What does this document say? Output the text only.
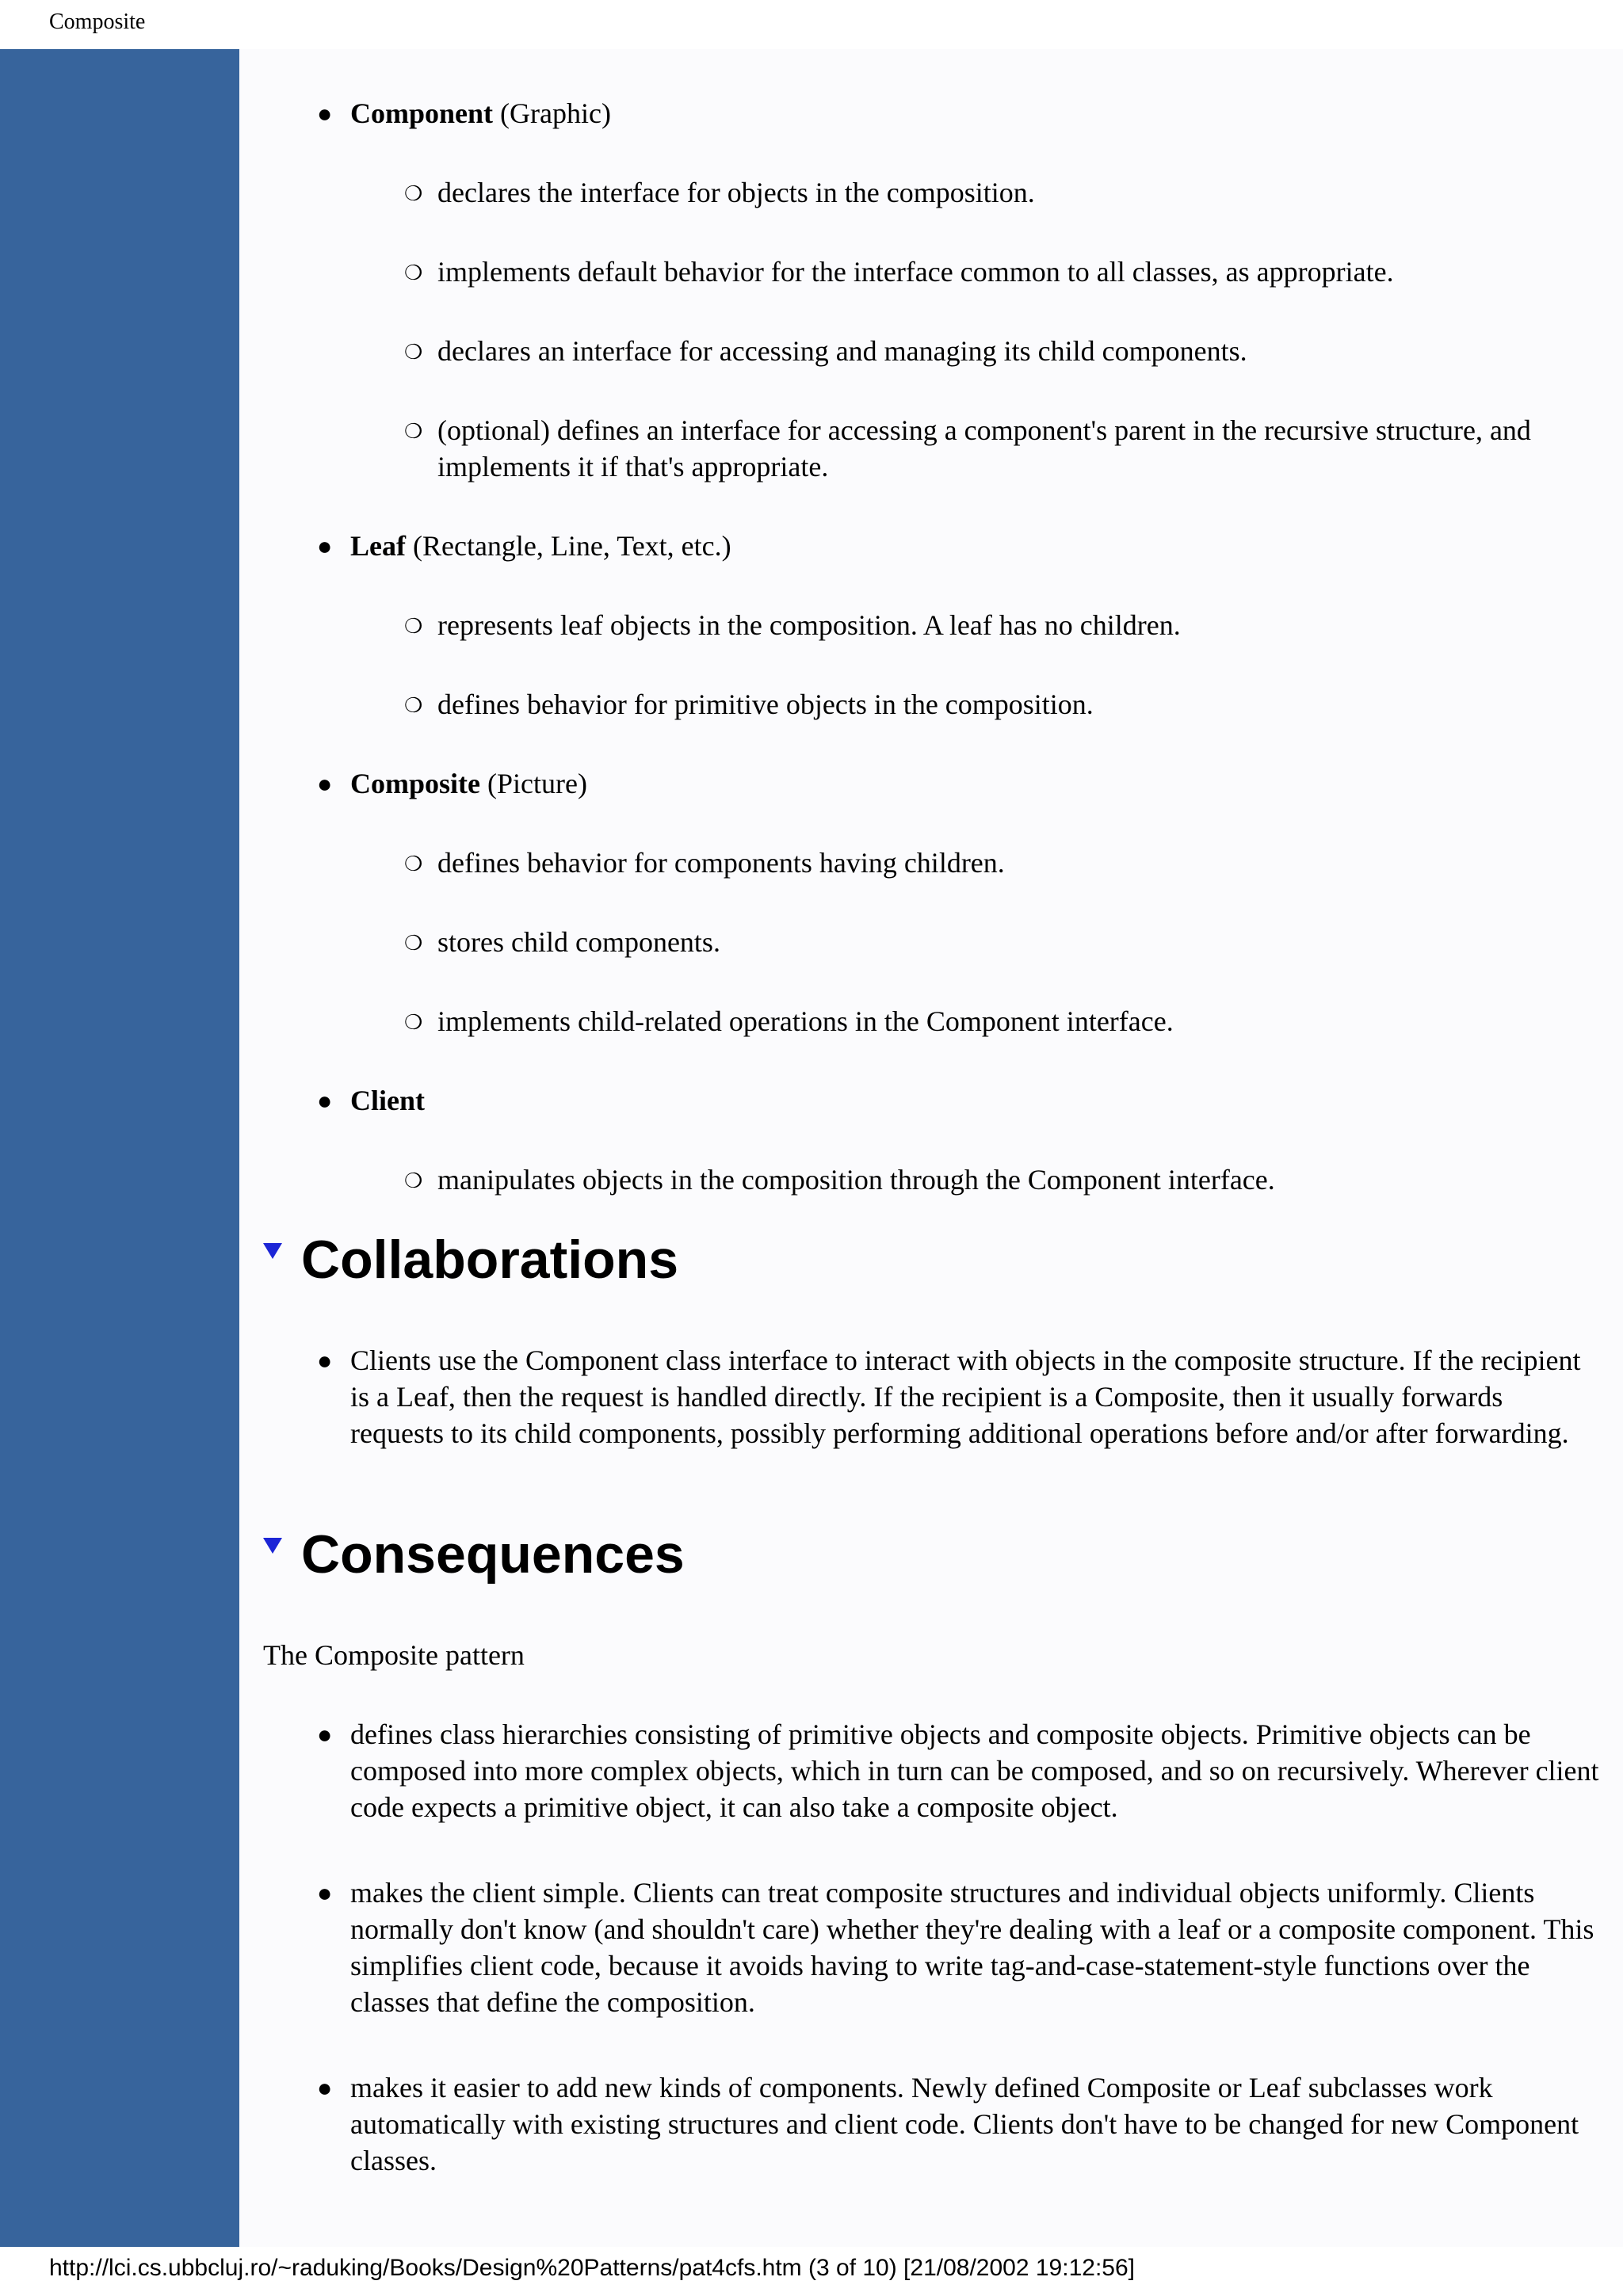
Composite
● Component (Graphic)
❍ declares the interface for objects in the composition.
❍ implements default behavior for the interface common to all classes, as appropriate.
❍ declares an interface for accessing and managing its child components.
❍ (optional) defines an interface for accessing a component's parent in the recursive structure, and implements it if that's appropriate.
● Leaf (Rectangle, Line, Text, etc.)
❍ represents leaf objects in the composition. A leaf has no children.
❍ defines behavior for primitive objects in the composition.
● Composite (Picture)
❍ defines behavior for components having children.
❍ stores child components.
❍ implements child-related operations in the Component interface.
● Client
❍ manipulates objects in the composition through the Component interface.
Collaborations
● Clients use the Component class interface to interact with objects in the composite structure. If the recipient is a Leaf, then the request is handled directly. If the recipient is a Composite, then it usually forwards requests to its child components, possibly performing additional operations before and/or after forwarding.
Consequences
The Composite pattern
● defines class hierarchies consisting of primitive objects and composite objects. Primitive objects can be composed into more complex objects, which in turn can be composed, and so on recursively. Wherever client code expects a primitive object, it can also take a composite object.
● makes the client simple. Clients can treat composite structures and individual objects uniformly. Clients normally don't know (and shouldn't care) whether they're dealing with a leaf or a composite component. This simplifies client code, because it avoids having to write tag-and-case-statement-style functions over the classes that define the composition.
● makes it easier to add new kinds of components. Newly defined Composite or Leaf subclasses work automatically with existing structures and client code. Clients don't have to be changed for new Component classes.
http://lci.cs.ubbcluj.ro/~raduking/Books/Design%20Patterns/pat4cfs.htm (3 of 10) [21/08/2002 19:12:56]
